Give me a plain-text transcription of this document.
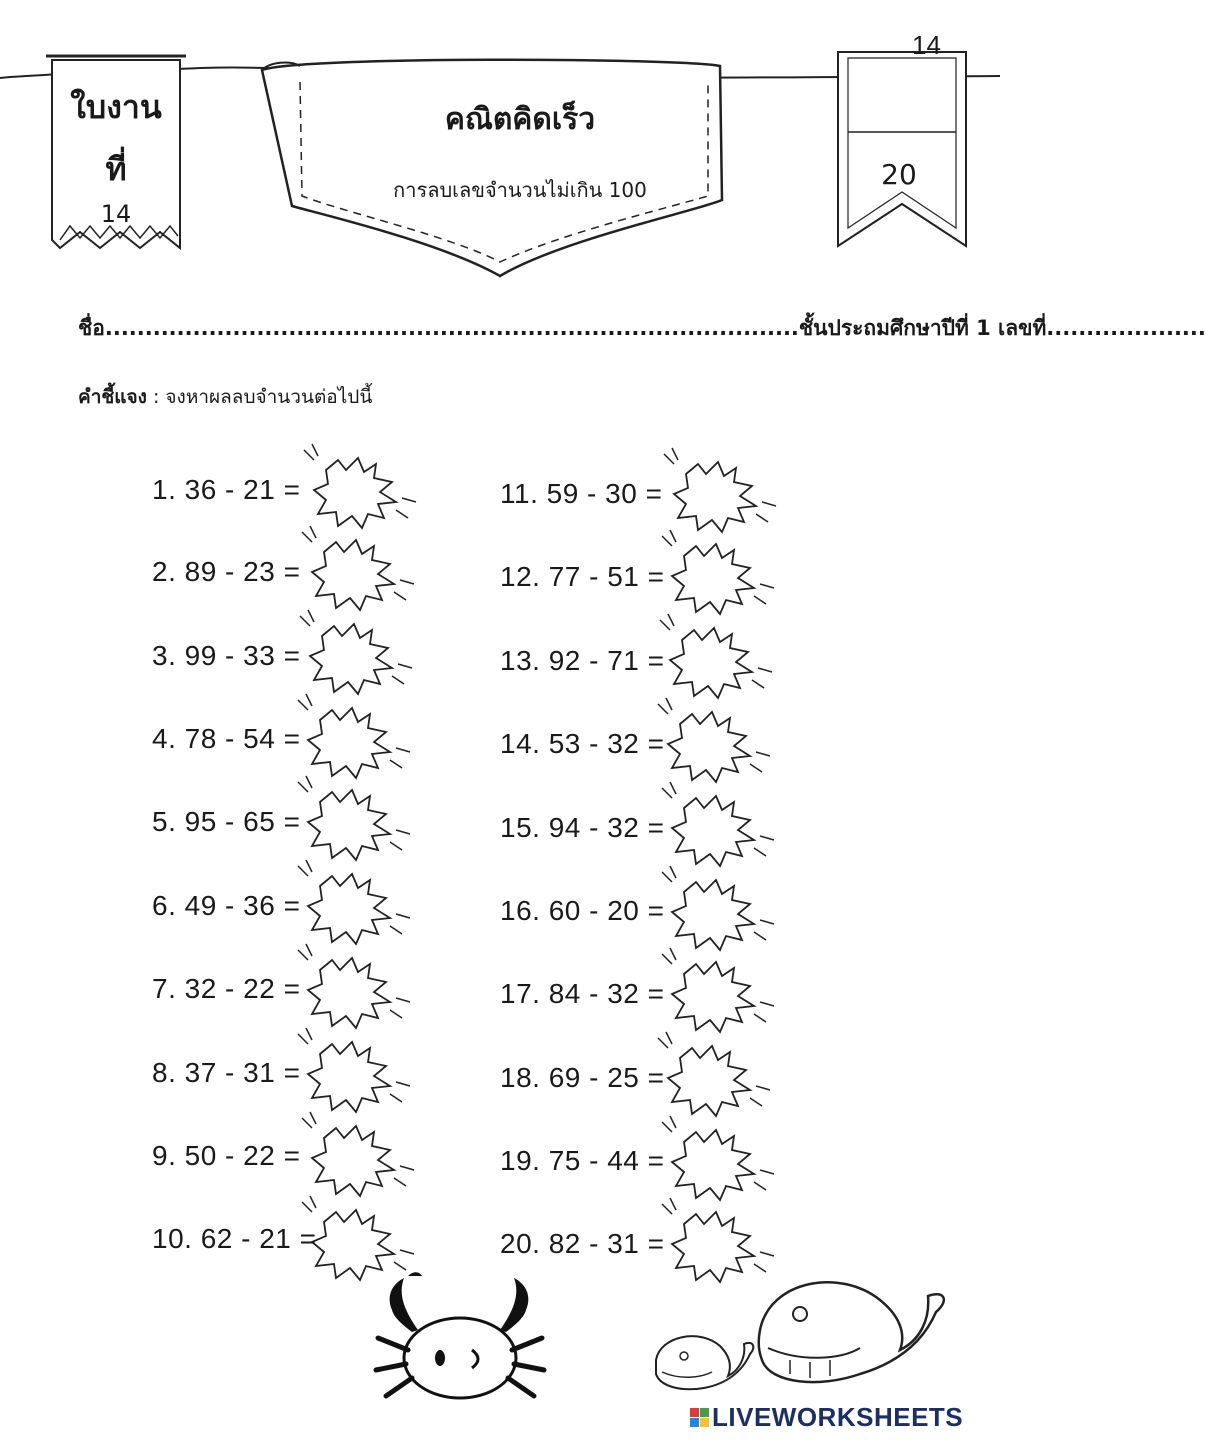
14
ใบงาน ที่
14
คณิตคิดเร็ว
การลบเลขจำนวนไม่เกิน 100	20
ชื่อ.......................................................................................ชั้นประถมศึกษาปีที่ 1 เลขที่....................
คำชี้แจง : จงหาผลลบจำนวนต่อไปนี้
1. 36 - 21 =
2. 89 - 23 =
3. 99 - 33 =
4. 78 - 54 =
5. 95 - 65 =
6. 49 - 36 =
7. 32 - 22 =
8. 37 - 31 =
9. 50 - 22 =
10. 62 - 21 =
11. 59 - 30 =
12. 77 - 51 =
13. 92 - 71 =
14. 53 - 32 =
15. 94 - 32 =
16. 60 - 20 =
17. 84 - 32 =
18. 69 - 25 =
19. 75 - 44 =
20. 82 - 31 =
LIVEWORKSHEETS
